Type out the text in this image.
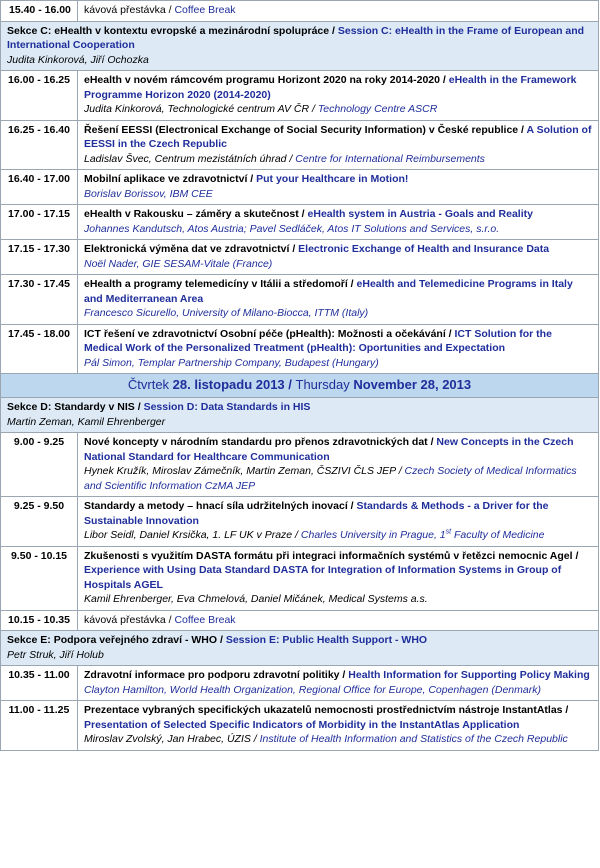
15.40 - 16.00	kávová přestávka / Coffee Break
Sekce C: eHealth v kontextu evropské a mezinárodní spolupráce / Session C: eHealth in the Frame of European and International Cooperation
Judita Kinkorová, Jiří Ochozka	
16.00 - 16.25	eHealth v novém rámcovém programu Horizont 2020 na roky 2014-2020 / eHealth in the Framework Programme Horizon 2020 (2014-2020)
Judita Kinkorová, Technologické centrum AV ČR / Technology Centre ASCR
16.25 - 16.40	Řešení EESSI (Electronical Exchange of Social Security Information) v České republice / A Solution of EESSI in the Czech Republic
Ladislav Švec, Centrum mezistátních úhrad / Centre for International Reimbursements
16.40 - 17.00	Mobilní aplikace ve zdravotnictví / Put your Healthcare in Motion!
Borislav Borissov, IBM CEE
17.00 - 17.15	eHealth v Rakousku – záměry a skutečnost / eHealth system in Austria - Goals and Reality
Johannes Kandutsch, Atos Austria; Pavel Sedláček, Atos IT Solutions and Services, s.r.o.
17.15 - 17.30	Elektronická výměna dat ve zdravotnictví / Electronic Exchange of Health and Insurance Data
Noël Nader, GIE SESAM-Vitale (France)
17.30 - 17.45	eHealth a programy telemedicíny v Itálii a středomoří / eHealth and Telemedicine Programs in Italy and Mediterranean Area
Francesco Sicurello, University of Milano-Biocca, ITTM (Italy)
17.45 - 18.00	ICT řešení ve zdravotnictví Osobní péče (pHealth): Možnosti a očekávání / ICT Solution for the Medical Work of the Personalized Treatment (pHealth): Oportunities and Expectation
Pál Simon, Templar Partnership Company, Budapest (Hungary)
Čtvrtek 28. listopadu 2013 / Thursday November 28, 2013	
Sekce D: Standardy v NIS / Session D: Data Standards in HIS
Martin Zeman, Kamil Ehrenberger	
9.00 - 9.25	Nové koncepty v národním standardu pro přenos zdravotnických dat / New Concepts in the Czech National Standard for Healthcare Communication
Hynek Kružík, Miroslav Zámečník, Martin Zeman, ČSZIVI ČLS JEP / Czech Society of Medical Informatics and Scientific Information CzMA JEP
9.25 - 9.50	Standardy a metody – hnací síla udržitelných inovací / Standards & Methods - a Driver for the Sustainable Innovation
Libor Seidl, Daniel Krsička, 1. LF UK v Praze / Charles University in Prague, 1st Faculty of Medicine
9.50 - 10.15	Zkušenosti s využitím DASTA formátu při integraci informačních systémů v řetězci nemocnic Agel / Experience with Using Data Standard DASTA for Integration of Information Systems in Group of Hospitals AGEL
Kamil Ehrenberger, Eva Chmelová, Daniel Mičánek, Medical Systems a.s.
10.15 - 10.35	kávová přestávka / Coffee Break
Sekce E: Podpora veřejného zdraví - WHO / Session E: Public Health Support - WHO
Petr Struk, Jiří Holub	
10.35 - 11.00	Zdravotní informace pro podporu zdravotní politiky / Health Information for Supporting Policy Making
Clayton Hamilton, World Health Organization, Regional Office for Europe, Copenhagen (Denmark)
11.00 - 11.25	Prezentace vybraných specifických ukazatelů nemocnosti prostřednictvím nástroje InstantAtlas / Presentation of Selected Specific Indicators of Morbidity in the InstantAtlas Application
Miroslav Zvolský, Jan Hrabec, ÚZIS / Institute of Health Information and Statistics of the Czech Republic
